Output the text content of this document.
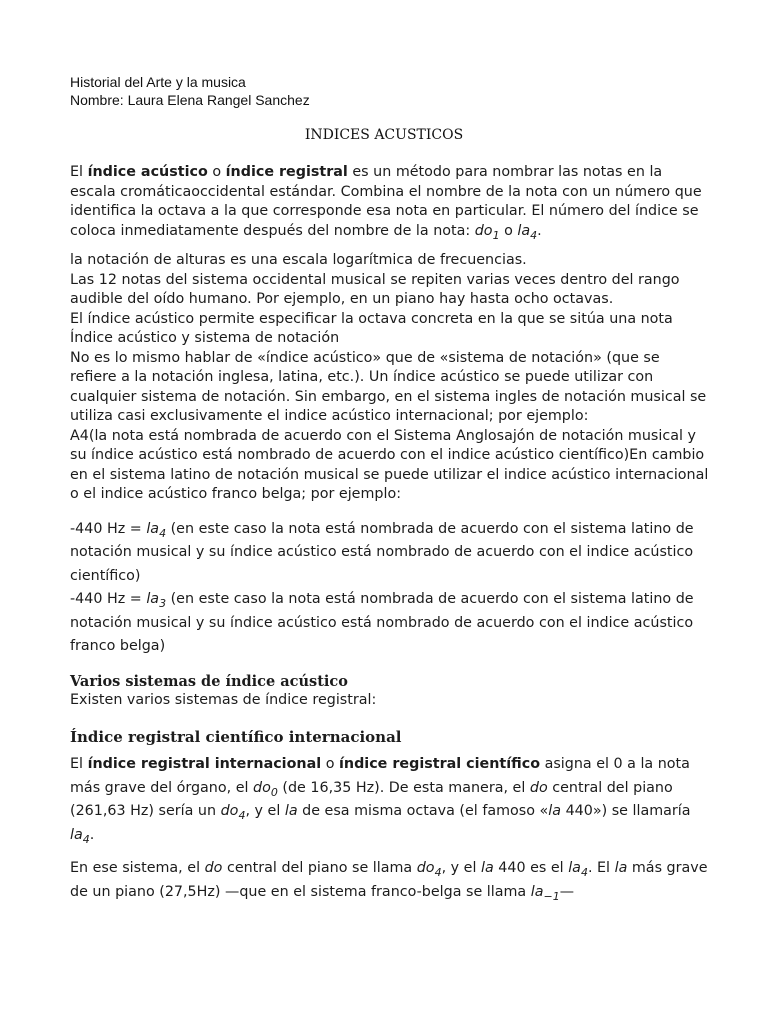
Historial del Arte y la musica
Nombre: Laura Elena Rangel Sanchez
INDICES ACUSTICOS

El índice acústico o índice registral es un método para nombrar las notas en la escala cromáticaoccidental estándar. Combina el nombre de la nota con un número que identifica la octava a la que corresponde esa nota en particular. El número del índice se coloca inmediatamente después del nombre de la nota: $do_1$ o $la_4$.

la notación de alturas es una escala logarítmica de frecuencias.

Las 12 notas del sistema occidental musical se repiten varias veces dentro del rango audible del oído humano. Por ejemplo, en un piano hay hasta ocho octavas.

El índice acústico permite especificar la octava concreta en la que se sitúa una nota

Índice acústico y sistema de notación

No es lo mismo hablar de «índice acústico» que de «sistema de notación» (que se refiere a la notación inglesa, latina, etc.). Un índice acústico se puede utilizar con cualquier sistema de notación. Sin embargo, en el sistema ingles de notación musical se utiliza casi exclusivamente el indice acústico internacional; por ejemplo:

A4(la nota está nombrada de acuerdo con el Sistema Anglosajón de notación musical y su índice acústico está nombrado de acuerdo con el indice acústico científico)En cambio en el sistema latino de notación musical se puede utilizar el indice acústico internacional o el indice acústico franco belga; por ejemplo:

-440 $Hz = la_4$ (en este caso la nota está nombrada de acuerdo con el sistema latino de notación musical y su índice acústico está nombrado de acuerdo con el indice acústico científico)

-440 $Hz = la_3$ (en este caso la nota está nombrada de acuerdo con el sistema latino de notación musical y su índice acústico está nombrado de acuerdo con el indice acústico franco belga)

Varios sistemas de índice acústico

Existen varios sistemas de índice registral:

Índice registral científico internacional

El índice registral internacional o índice registral científico asigna el 0 a la nota más grave del órgano, el $do_0$ (de 16,35 Hz). De esta manera, el do central del piano (261,63 Hz) sería un $do_4$, y el la de esa misma octava (el famoso «la 440») se llamaría $la_4$.

En ese sistema, el do central del piano se llama $do_4$, y el la 440 es el $la_4$. El la más grave de un piano (27,5Hz) —que en el sistema franco-belga se llama $la_{-1}—$
